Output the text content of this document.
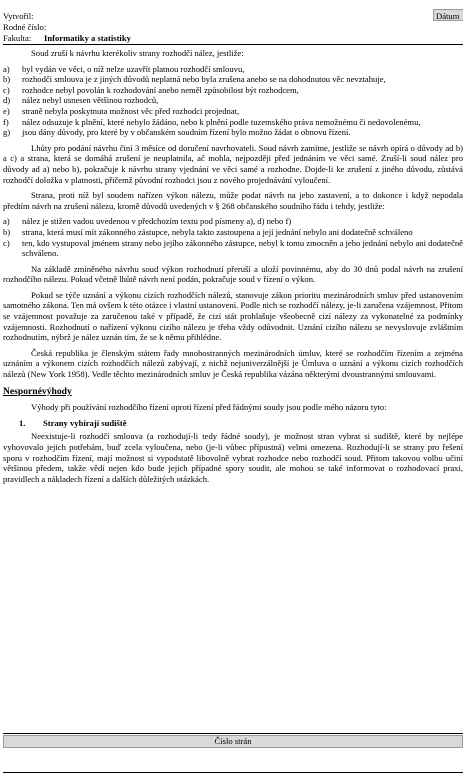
Vytvořil:
Rodné číslo:
Fakulta: Informatiky a statistiky
Dátum

Soud zruší k návrhu kterékoliv strany rozhodčí nález, jestliže:

a) byl vydán ve věci, o níž nelze uzavřít platnou rozhodčí smlouvu,
b) rozhodčí smlouva je z jiných důvodů neplatná nebo byla zrušena anebo se na dohodnutou věc nevztahuje,
c) rozhodce nebyl povolán k rozhodování anebo neměl způsobilost být rozhodcem,
d) nález nebyl usnesen většinou rozhodců,
e) straně nebyla poskytnuta možnost věc před rozhodci projednat,
f) nález odsuzuje k plnění, které nebylo žádáno, nebo k plnění podle tuzemského práva nemožnému či nedovolenému,
g) jsou dány důvody, pro které by v občanském soudním řízení bylo možno žádat o obnovu řízení.

Lhůty pro podání návrhu činí 3 měsíce od doručení navrhovateli. Soud návrh zamítne, jestliže se návrh opírá o důvody ad b) a c) a strana, která se domáhá zrušení je neuplatnila, ač mohla, nejpozději před jednáním ve věci samé. Zruší-li soud nález pro důvody ad a) nebo b), pokračuje k návrhu strany vjednání ve věci samé a rozhodne. Dojde-li ke zrušení z jiného důvodu, zůstává rozhodčí doložka v platnosti, přičemž původní rozhodci jsou z nového projednávání vyloučení.

Strana, proti níž byl soudem nařízen výkon nálezu, může podat návrh na jeho zastavení, a to dokonce i když nepodala předtím návrh na zrušení nálezu, kromě důvodů uvedených v § 268 občanského soudního řádu i tehdy, jestliže:

a) nález je stižen vadou uvedenou v předchozím textu pod písmeny a), d) nebo f)
b) strana, která musí mít zákonného zástupce, nebyla takto zastoupena a její jednání nebylo ani dodatečně schváleno
c) ten, kdo vystupoval jménem strany nebo jejího zákonného zástupce, nebyl k tomu zmocněn a jeho jednání nebylo ani dodatečně schváleno.

Na základě zmíněného návrhu soud výkon rozhodnutí přeruší a uloží povinnému, aby do 30 dnů podal návrh na zrušení rozhodčího nálezu. Pokud včetně lhůtě návrh není podán, pokračuje soud v řízení o výkon.

Pokud se týče uznání a výkonu cizích rozhodčích nálezů, stanovuje zákon prioritu mezinárodních smluv před ustanovením samotného zákona. Ten má ovšem k této otázce i vlastní ustanovení. Podle nich se rozhodčí nálezy, je-li zaručena vzájemnost. Přitom se vzájemnost považuje za zaručenou také v případě, že cizí stát prohlašuje všeobecně cizí nálezy za vykonatelné za podmínky vzájemnosti. Rozhodnutí o nařízení výkonu cizího nálezu je třeba vždy odůvodnit. Uznání cizího nálezu se nevyslovuje zvláštním rozhodnutím, nýbrž je nález uznán tím, že se k němu přihlédne.

Česká republika je členským státem řady mnohostranných mezinárodních úmluv, které se rozhodčím řízením a zejména uznáním a výkonem cizích rozhodčích nálezů zabývají, z nichž nejuniverzálnější je Úmluva o uznání a výkonu cizích rozhodčích nálezů (New York 1958). Vedle těchto mezinárodních smluv je Česká republika vázána některými dvoustrannými smlouvami.

Nespornévýhody

Výhody při používání rozhodčího řízení oproti řízení před řádnými soudy jsou podle mého názoru tyto:

1. Strany vybírají sudiště

Neexistuje-li rozhodčí smlouva (a rozhodují-li tedy řádné soudy), je možnost stran vybrat si sudiště, které by nejlépe vyhovovalo jejich potřebám, buď zcela vyloučena, nebo (je-li vůbec přípustná) velmi omezena. Rozhodují-li se strany pro řešení sporu v rozhodčím řízení, mají možnost si vypodstatě libovolně vybrat rozhodce nebo rozhodčí soud. Přitom takovou volbu učiní většinou předem, takže vědí nejen kdo bude jejich případné spory soudit, ale mohou se také informovat o rozhodovací praxi, pravidlech a nákladech řízení a dalších důležitých otázkách.

Číslo strán
